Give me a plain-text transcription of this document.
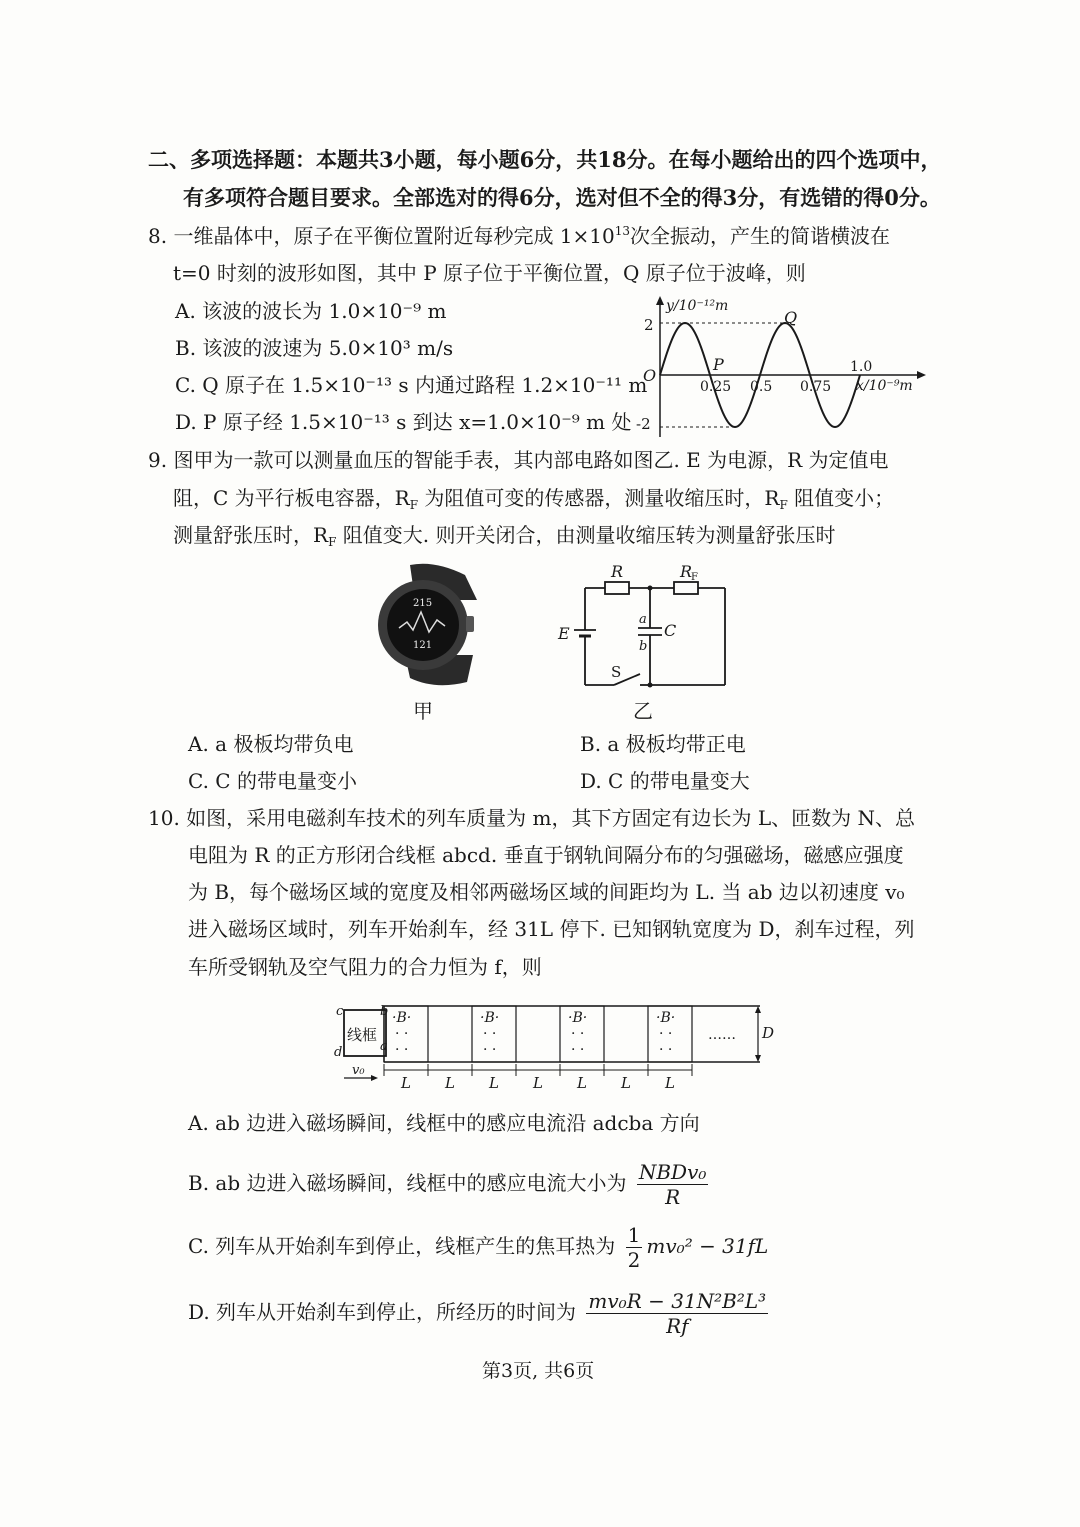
二、多项选择题：本题共3小题，每小题6分，共18分。在每小题给出的四个选项中，
有多项符合题目要求。全部选对的得6分，选对但不全的得3分，有选错的得0分。
8. 一维晶体中，原子在平衡位置附近每秒完成 $1\times 10^{13}$次全振动，产生的简谐横波在
t=0 时刻的波形如图，其中 P 原子位于平衡位置，Q 原子位于波峰，则
A. 该波的波长为 1.0×10⁻⁹ m
B. 该波的波速为 5.0×10³ m/s
C. Q 原子在 1.5×10⁻¹³ s 内通过路程 1.2×10⁻¹¹ m
D. P 原子经 1.5×10⁻¹³ s 到达 x=1.0×10⁻⁹ m 处
y/10⁻¹²m
x/10⁻⁹m
O
2
-2
0.25 0.5 0.75
1.0
P
Q
9. 图甲为一款可以测量血压的智能手表，其内部电路如图乙. E 为电源，R 为定值电
阻，C 为平行板电容器，$R_F$ 为阻值可变的传感器，测量收缩压时，$R_F$ 阻值变小；
测量舒张压时，$R_F$ 阻值变大. 则开关闭合，由测量收缩压转为测量舒张压时
215
121
甲
R	R
F
E	C
a
b
S
乙
A. a 极板均带负电	B. a 极板均带正电
C. C 的带电量变小	D. C 的带电量变大
10. 如图，采用电磁刹车技术的列车质量为 m，其下方固定有边长为 L、匝数为 N、总
电阻为 R 的正方形闭合线框 abcd. 垂直于钢轨间隔分布的匀强磁场，磁感应强度
为 B，每个磁场区域的宽度及相邻两磁场区域的间距均为 L. 当 ab 边以初速度 v₀
进入磁场区域时，列车开始刹车，经 31L 停下. 已知钢轨宽度为 D，刹车过程，列
车所受钢轨及空气阻力的合力恒为 f，则
线框
c	b
d	a
·B·
· ·
· ·
·B·
· ·
· ·
·B·
· ·
· ·
·B·
· ·
· ·
…… D
v₀
L L L L L L L
A. ab 边进入磁场瞬间，线框中的感应电流沿 adcba 方向
B. ab 边进入磁场瞬间，线框中的感应电流大小为 $\frac{\text{NBDv₀}}{R}$
C. 列车从开始刹车到停止，线框产生的焦耳热为 $\frac{1}{2} mv_0^2 - 31fL$
D. 列车从开始刹车到停止，所经历的时间为 $\frac{\text{mv₀R − 31N²B²L³}}{Rf}$
第3页, 共6页
